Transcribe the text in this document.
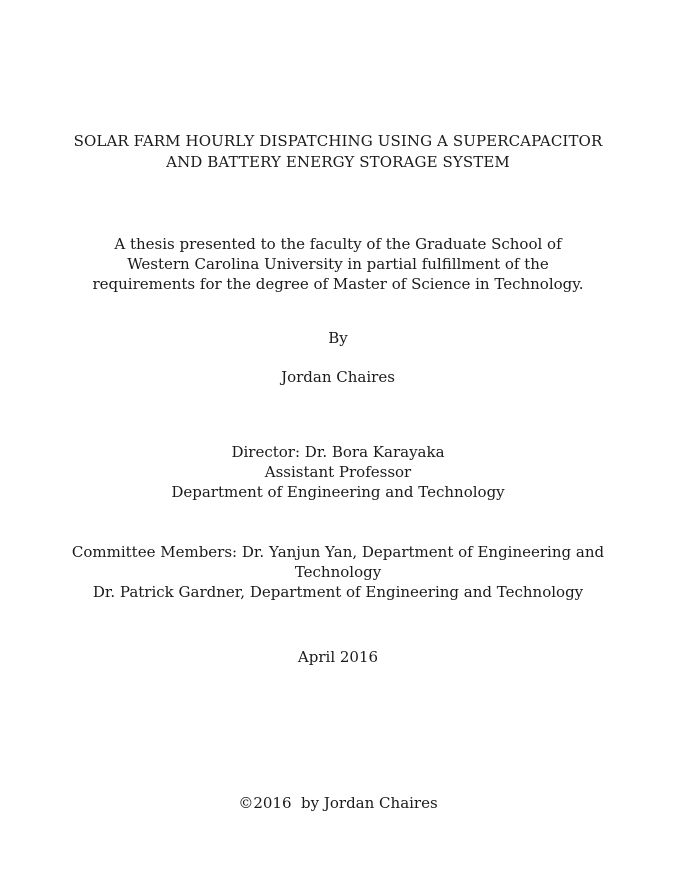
SOLAR FARM HOURLY DISPATCHING USING A SUPERCAPACITOR
AND BATTERY ENERGY STORAGE SYSTEM
A thesis presented to the faculty of the Graduate School of
Western Carolina University in partial fulfillment of the
requirements for the degree of Master of Science in Technology.
By
Jordan Chaires
Director: Dr. Bora Karayaka
Assistant Professor
Department of Engineering and Technology
Committee Members: Dr. Yanjun Yan, Department of Engineering and
Technology
Dr. Patrick Gardner, Department of Engineering and Technology
April 2016
©2016  by Jordan Chaires
